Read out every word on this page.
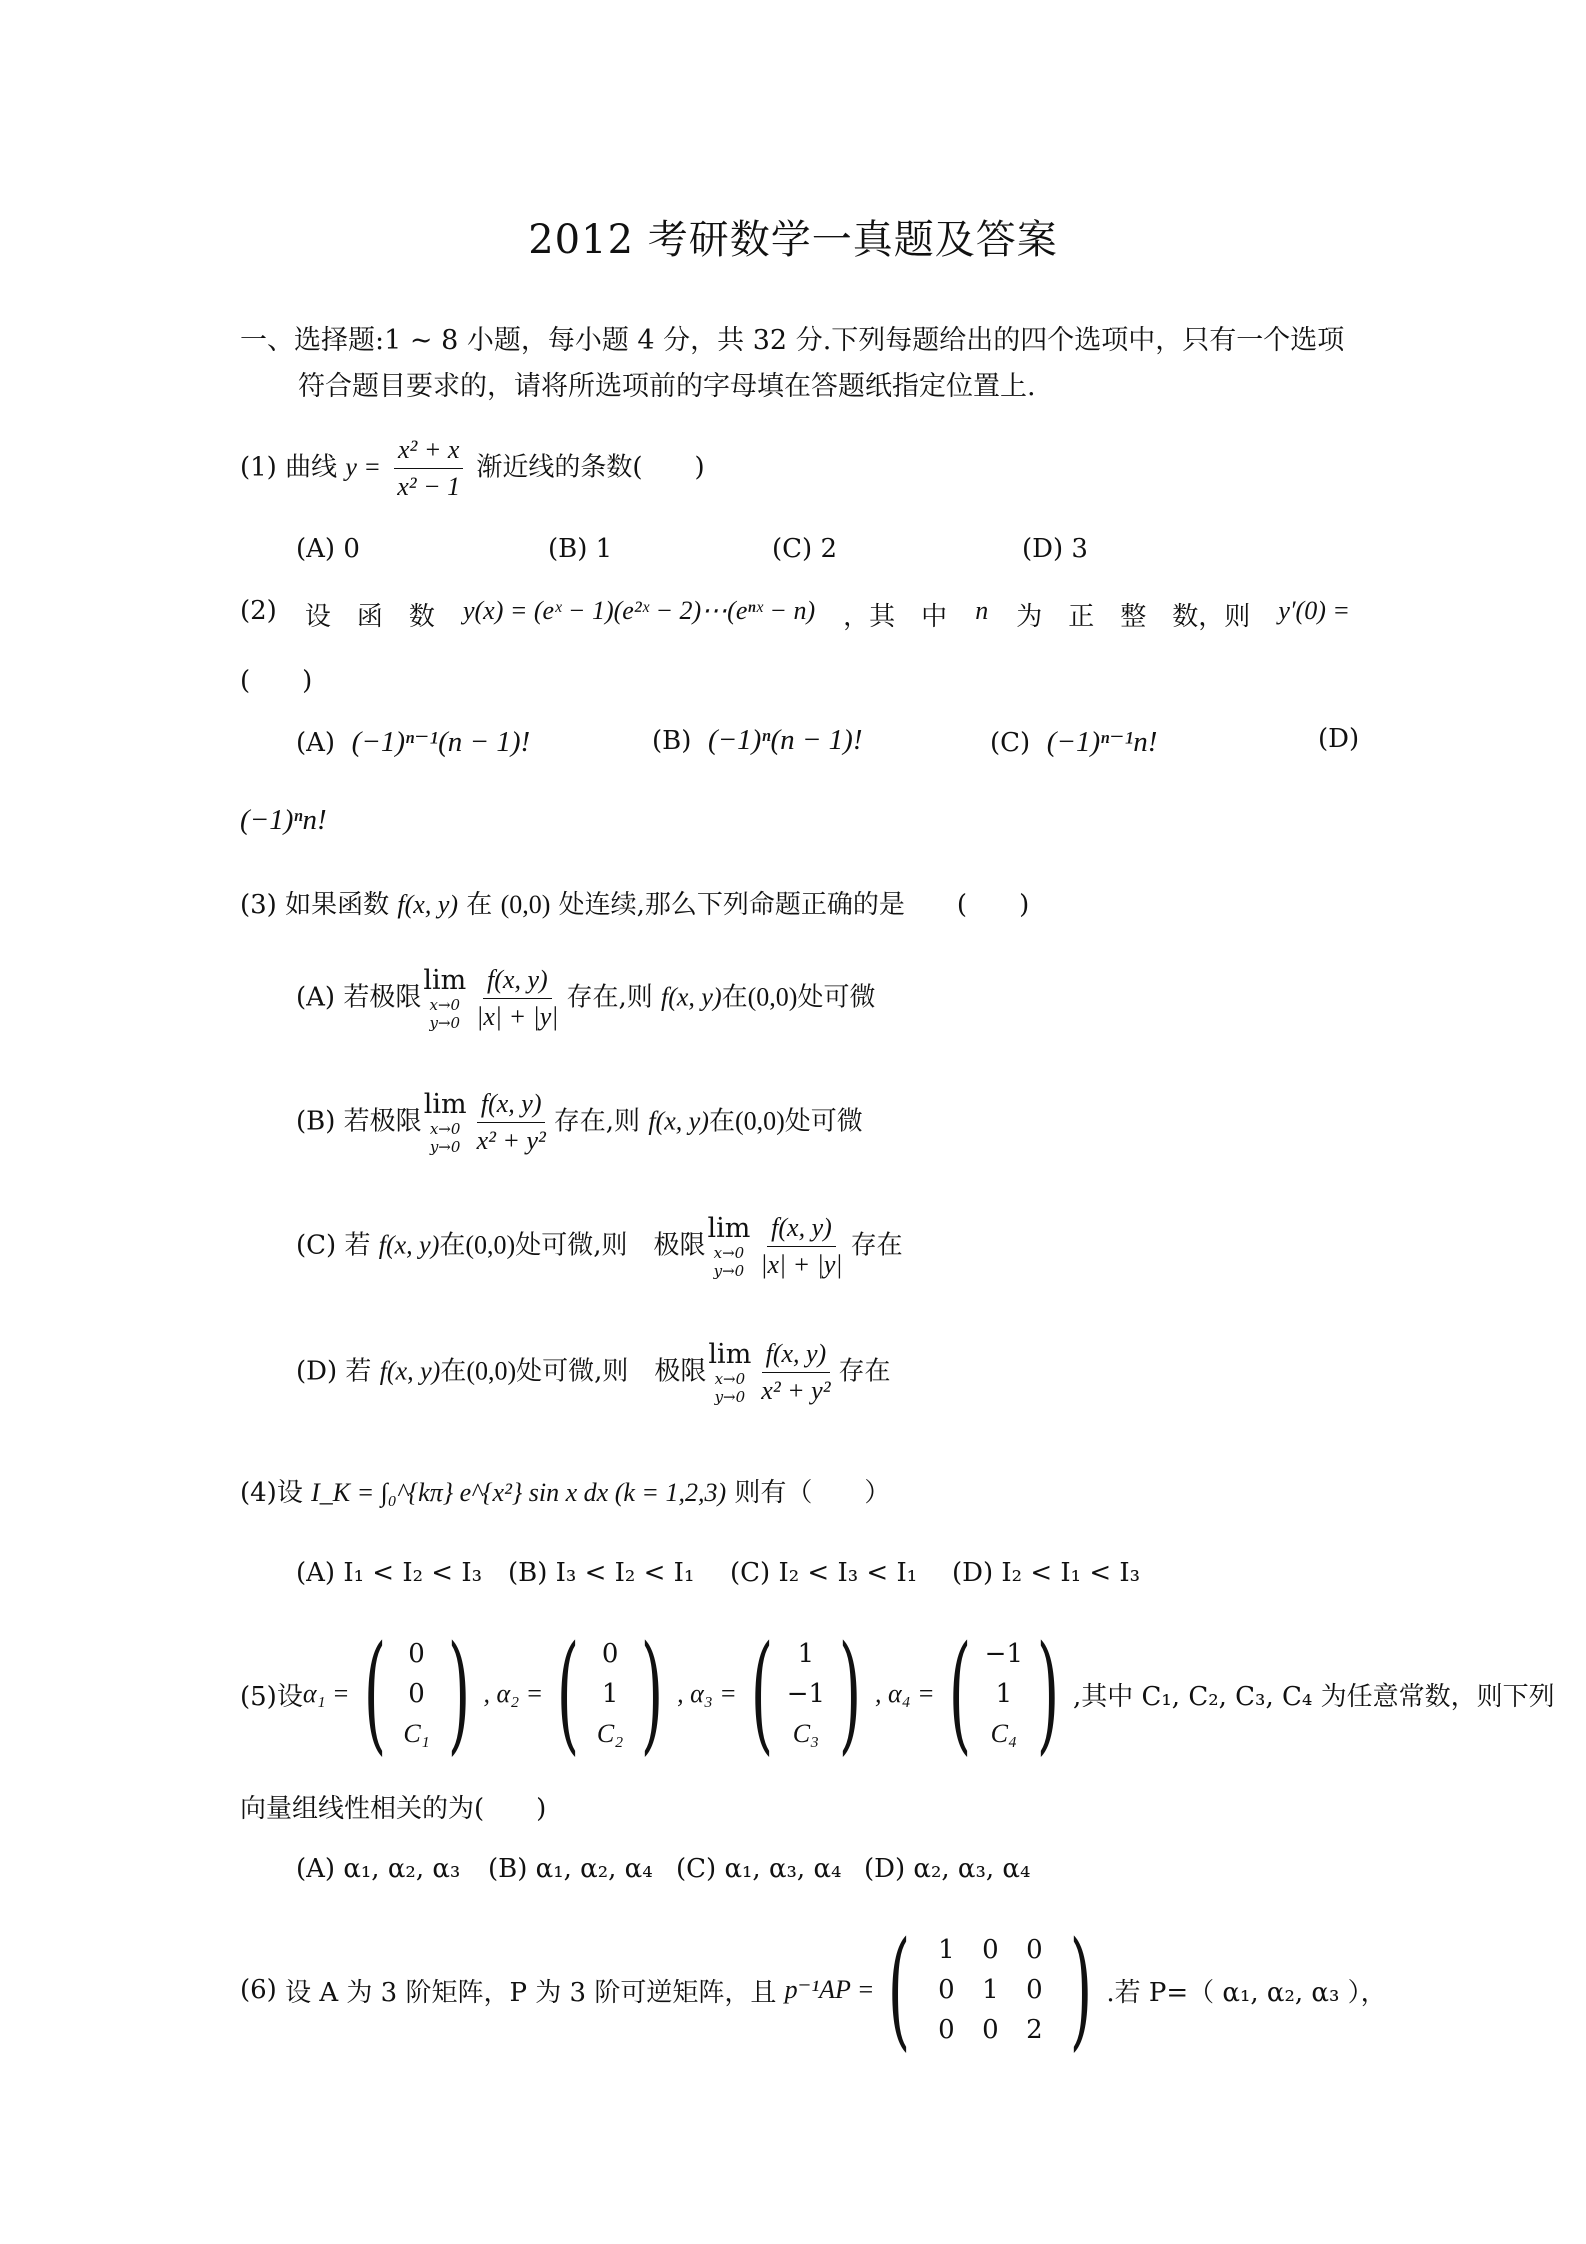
2012 考研数学一真题及答案
一、选择题:1 ~ 8 小题，每小题 4 分，共 32 分.下列每题给出的四个选项中，只有一个选项
符合题目要求的，请将所选项前的字母填在答题纸指定位置上.
(1) 曲线 $y = \frac{\text{x² + x}}{\text{x² − 1}}$ 渐近线的条数(　　)
(A) 0	(B) 1	(C) 2	(D) 3
(2) 设　函　数 y(x) = (eˣ − 1)(e²ˣ − 2)⋯(eⁿˣ − n) ，其　中 n 为　正　整　数，则 y′(0) =
(　　)
(A) (−1)ⁿ⁻¹(n − 1)!	(B) (−1)ⁿ(n − 1)!	(C) (−1)ⁿ⁻¹n!	(D)
(−1)ⁿn!
(3) 如果函数 f(x, y) 在 (0,0) 处连续,那么下列命题正确的是　　(　　)
(A) 若极限
lim
x→0
$y\to 0 \frac{f(x, y)}{|x| + |y|}$ 存在,则 f(x, y)在(0,0)处可微
(B) 若极限
lim
x→0
$y\to 0 \frac{f(x, y)}{\text{x² + y²}}$ 存在,则 f(x, y)在(0,0)处可微
(C) 若 f(x, y)在(0,0)处可微,则　极限
lim
x→0
$y\to 0 \frac{f(x, y)}{|x| + |y|}$ 存在
(D) 若 f(x, y)在(0,0)处可微,则　极限
lim
x→0
$y\to 0 \frac{f(x, y)}{\text{x² + y²}}$ 存在
(4)设 I_K = ∫₀^{kπ} e^{x²} sin x dx (k = 1,2,3) 则有（　　）
(A) I₁ < I₂ < I₃ (B) I₃ < I₂ < I₁ (C) I₂ < I₃ < I₁ (D) I₂ < I₁ < I₃
(5)设 α₁ = ( 0
0
C₁ ) , α₂ = ( 0
1
C₂ ) , α₃ = ( 1
−1
C₃ ) , α₄ = ( −1
1
C₄ ) ,其中 C₁, C₂, C₃, C₄ 为任意常数，则下列
向量组线性相关的为(　　)
(A) α₁, α₂, α₃ (B) α₁, α₂, α₄ (C) α₁, α₃, α₄ (D) α₂, α₃, α₄
(6)
设 A 为 3 阶矩阵，P 为 3 阶可逆矩阵，且
p⁻¹AP = (	1	0	0
0	1	0
0	0	2 ) .若 P=（ α₁, α₂, α₃ ），
